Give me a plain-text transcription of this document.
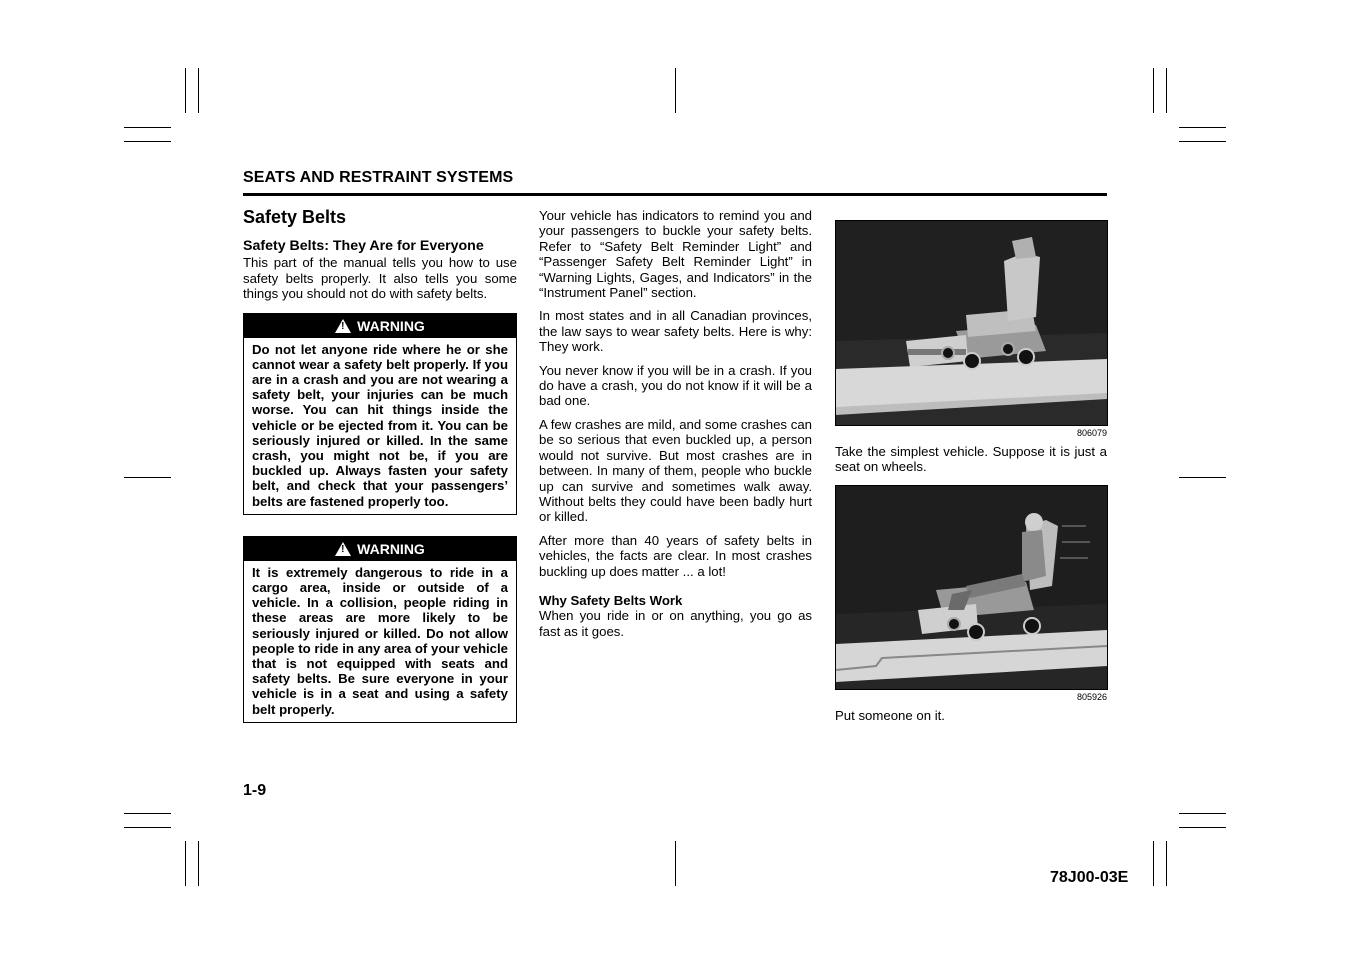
SEATS AND RESTRAINT SYSTEMS
Safety Belts
Safety Belts: They Are for Everyone

This part of the manual tells you how to use safety belts properly. It also tells you some things you should not do with safety belts.

! WARNING
Do not let anyone ride where he or she cannot wear a safety belt properly. If you are in a crash and you are not wearing a safety belt, your injuries can be much worse. You can hit things inside the vehicle or be ejected from it. You can be seriously injured or killed. In the same crash, you might not be, if you are buckled up. Always fasten your safety belt, and check that your passengers’ belts are fastened properly too.
! WARNING
It is extremely dangerous to ride in a cargo area, inside or outside of a vehicle. In a collision, people riding in these areas are more likely to be seriously injured or killed. Do not allow people to ride in any area of your vehicle that is not equipped with seats and safety belts. Be sure everyone in your vehicle is in a seat and using a safety belt properly.

Your vehicle has indicators to remind you and your passengers to buckle your safety belts. Refer to “Safety Belt Reminder Light” and “Passenger Safety Belt Reminder Light” in “Warning Lights, Gages, and Indicators” in the “Instrument Panel” section.

In most states and in all Canadian provinces, the law says to wear safety belts. Here is why: They work.

You never know if you will be in a crash. If you do have a crash, you do not know if it will be a bad one.

A few crashes are mild, and some crashes can be so serious that even buckled up, a person would not survive. But most crashes are in between. In many of them, people who buckle up can survive and sometimes walk away. Without belts they could have been badly hurt or killed.

After more than 40 years of safety belts in vehicles, the facts are clear. In most crashes buckling up does matter ... a lot!

Why Safety Belts Work

When you ride in or on anything, you go as fast as it goes.

806079

Take the simplest vehicle. Suppose it is just a seat on wheels.

805926

Put someone on it.

1-9
78J00-03E
